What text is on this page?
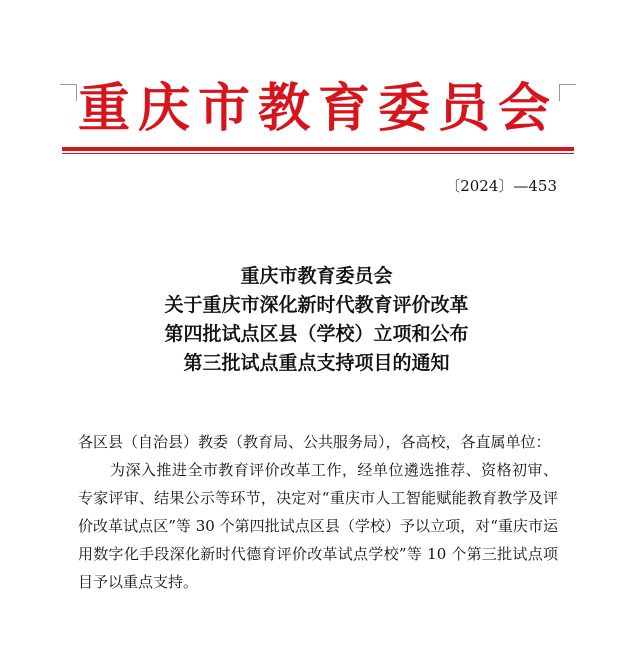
重庆市教育委员会
〔2024〕—453
重庆市教育委员会
关于重庆市深化新时代教育评价改革
第四批试点区县（学校）立项和公布
第三批试点重点支持项目的通知
各区县（自治县）教委（教育局、公共服务局），各高校，各直属单位：
为深入推进全市教育评价改革工作，经单位遴选推荐、资格初审、专家评审、结果公示等环节，决定对“重庆市人工智能赋能教育教学及评价改革试点区”等 30 个第四批试点区县（学校）予以立项，对“重庆市运用数字化手段深化新时代德育评价改革试点学校”等 10 个第三批试点项目予以重点支持。
